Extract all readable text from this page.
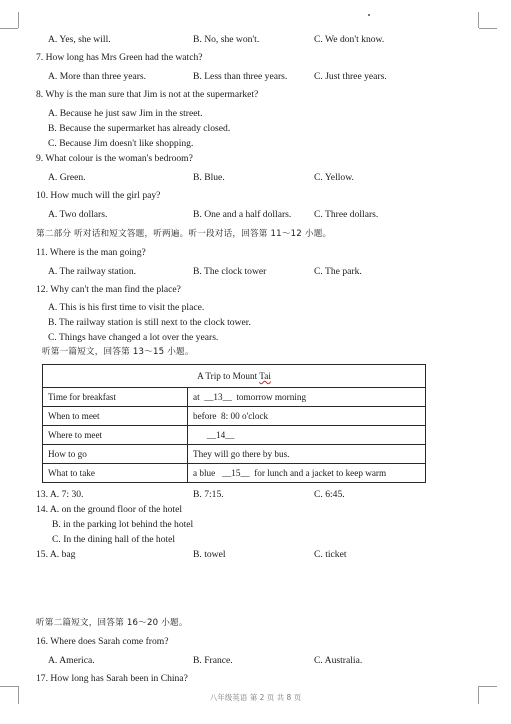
A. Yes, she will.	B. No, she won't.	C. We don't know.
7. How long has Mrs Green had the watch?
A. More than three years.	B. Less than three years.	C. Just three years.
8. Why is the man sure that Jim is not at the supermarket?
A. Because he just saw Jim in the street.
B. Because the supermarket has already closed.
C. Because Jim doesn't like shopping.
9. What colour is the woman's bedroom?
A. Green.	B. Blue.	C. Yellow.
10. How much will the girl pay?
A. Two dollars.	B. One and a half dollars. C. Three dollars.
第二部分 听对话和短文答题，听两遍。听一段对话，回答第 11～12 小题。
11. Where is the man going?
A. The railway station.	B. The clock tower	C. The park.
12. Why can't the man find the place?
A. This is his first time to visit the place.
B. The railway station is still next to the clock tower.
C. Things have changed a lot over the years.
听第一篇短文，回答第 13～15 小题。
A Trip to Mount Tai	
Time for breakfast	at  __13__  tomorrow morning
When to meet	before  8: 00 o'clock
Where to meet	__14__
How to go	They will go there by bus.
What to take	a blue   __15__  for lunch and a jacket to keep warm
13. A. 7: 30.	B. 7:15.	C. 6:45.
14. A. on the ground floor of the hotel
B. in the parking lot behind the hotel
C. In the dining hall of the hotel
15. A. bag	B. towel	C. ticket
听第二篇短文，回答第 16～20 小题。
16. Where does Sarah come from?
A. America.	B. France.	C. Australia.
17. How long has Sarah been in China?
八年级英语 第 2 页 共 8 页
